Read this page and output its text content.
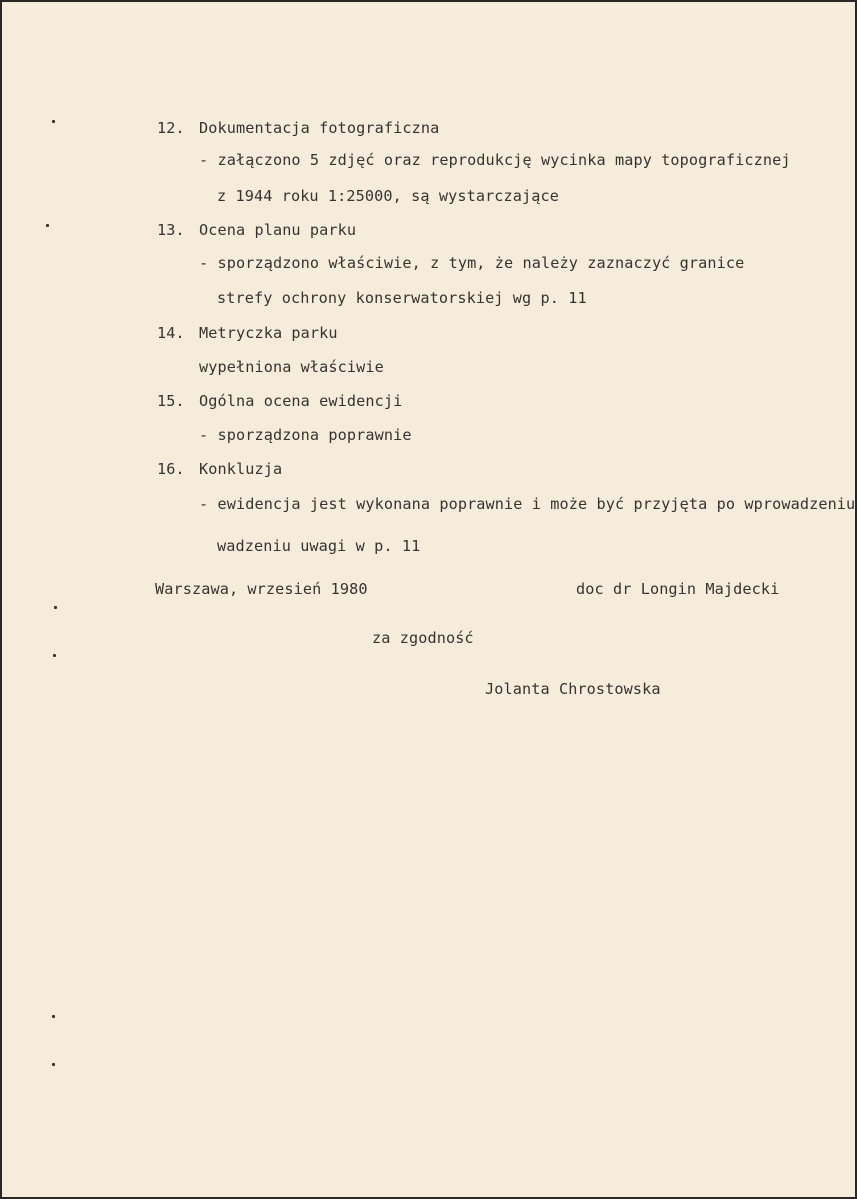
12. Dokumentacja fotograficzna
- załączono 5 zdjęć oraz reprodukcję wycinka mapy topograficznej
z 1944 roku 1:25000, są wystarczające
13. Ocena planu parku
- sporządzono właściwie, z tym, że należy zaznaczyć granice
strefy ochrony konserwatorskiej wg p. 11
14. Metryczka parku
wypełniona właściwie
15. Ogólna ocena ewidencji
- sporządzona poprawnie
16. Konkluzja
- ewidencja jest wykonana poprawnie i może być przyjęta po wprowadzeniu
wadzeniu uwagi w p. 11
Warszawa, wrzesień 1980	doc dr Longin Majdecki
za zgodność
Jolanta Chrostowska
